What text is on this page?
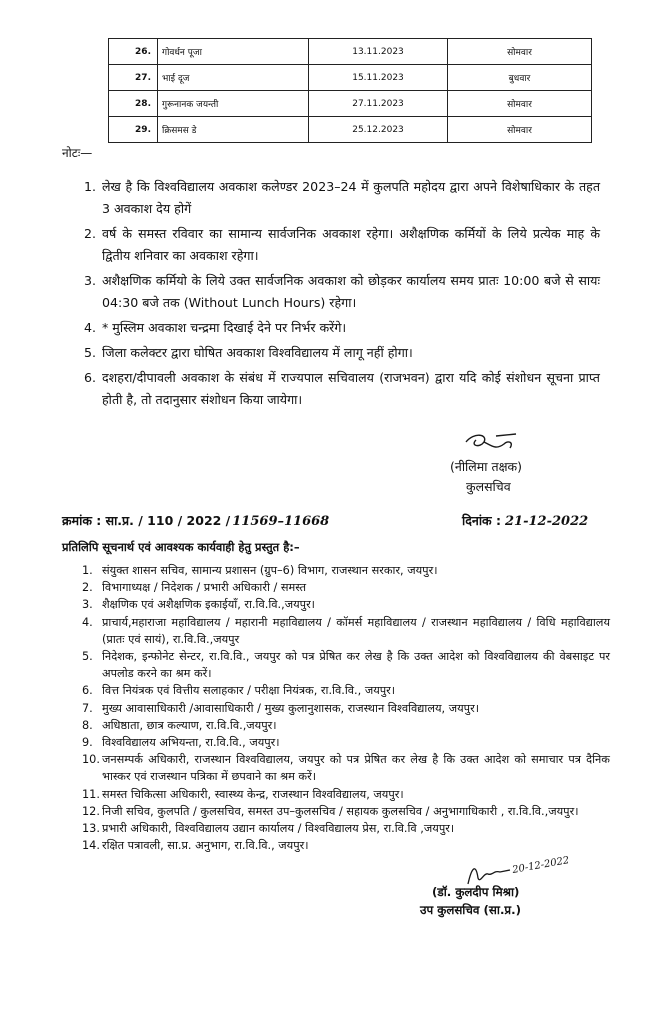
26.	गोवर्धन पूजा	13.11.2023	सोमवार
27.	भाई दूज	15.11.2023	बुधवार
28.	गुरूनानक जयन्ती	27.11.2023	सोमवार
29.	क्रिसमस डे	25.12.2023	सोमवार
नोटः—
1. लेख है कि विश्वविद्यालय अवकाश कलेण्डर 2023–24 में कुलपति महोदय द्वारा अपने विशेषाधिकार के तहत 3 अवकाश देय होगें
2. वर्ष के समस्त रविवार का सामान्य सार्वजनिक अवकाश रहेगा। अशैक्षणिक कर्मियों के लिये प्रत्येक माह के द्वितीय शनिवार का अवकाश रहेगा।
3. अशैक्षणिक कर्मियो के लिये उक्त सार्वजनिक अवकाश को छोड़कर कार्यालय समय प्रातः 10:00 बजे से सायः 04:30 बजे तक (Without Lunch Hours) रहेगा।
4. * मुस्लिम अवकाश चन्द्रमा दिखाई देने पर निर्भर करेंगे।
5. जिला कलेक्टर द्वारा घोषित अवकाश विश्वविद्यालय में लागू नहीं होगा।
6. दशहरा/दीपावली अवकाश के संबंध में राज्यपाल सचिवालय (राजभवन) द्वारा यदि कोई संशोधन सूचना प्राप्त होती है, तो तदानुसार संशोधन किया जायेगा।
(नीलिमा तक्षक)
कुलसचिव
क्रमांक : सा.प्र. / 110 / 2022 / 11569–11668	दिनांक : 21-12-2022
प्रतिलिपि सूचनार्थ एवं आवश्यक कार्यवाही हेतु प्रस्तुत है:–
1. संयुक्त शासन सचिव, सामान्य प्रशासन (ग्रुप–6) विभाग, राजस्थान सरकार, जयपुर।
2. विभागाध्यक्ष / निदेशक / प्रभारी अधिकारी / समस्त
3. शैक्षणिक एवं अशैक्षणिक इकाईयाँ, रा.वि.वि.,जयपुर।
4. प्राचार्य,महाराजा महाविद्यालय / महारानी महाविद्यालय / कॉमर्स महाविद्यालय / राजस्थान महाविद्यालय / विधि महाविद्यालय (प्रातः एवं सायं), रा.वि.वि.,जयपुर
5. निदेशक, इन्फोनेट सेन्टर, रा.वि.वि., जयपुर को पत्र प्रेषित कर लेख है कि उक्त आदेश को विश्वविद्यालय की वेबसाइट पर अपलोड करने का श्रम करें।
6. वित्त नियंत्रक एवं वित्तीय सलाहकार / परीक्षा नियंत्रक, रा.वि.वि., जयपुर।
7. मुख्य आवासाधिकारी /आवासाधिकारी / मुख्य कुलानुशासक, राजस्थान विश्वविद्यालय, जयपुर।
8. अधिष्ठाता, छात्र कल्याण, रा.वि.वि.,जयपुर।
9. विश्वविद्यालय अभियन्ता, रा.वि.वि., जयपुर।
10. जनसम्पर्क अधिकारी, राजस्थान विश्वविद्यालय, जयपुर को पत्र प्रेषित कर लेख है कि उक्त आदेश को समाचार पत्र दैनिक भास्कर एवं राजस्थान पत्रिका में छपवाने का श्रम करें।
11. समस्त चिकित्सा अधिकारी, स्वास्थ्य केन्द्र, राजस्थान विश्वविद्यालय, जयपुर।
12. निजी सचिव, कुलपति / कुलसचिव, समस्त उप–कुलसचिव / सहायक कुलसचिव / अनुभागाधिकारी , रा.वि.वि.,जयपुर।
13. प्रभारी अधिकारी, विश्वविद्यालय उद्यान कार्यालय / विश्वविद्यालय प्रेस, रा.वि.वि ,जयपुर।
14. रक्षित पत्रावली, सा.प्र. अनुभाग, रा.वि.वि., जयपुर।
20-12-2022
(डॉ. कुलदीप मिश्रा)
उप कुलसचिव (सा.प्र.)
